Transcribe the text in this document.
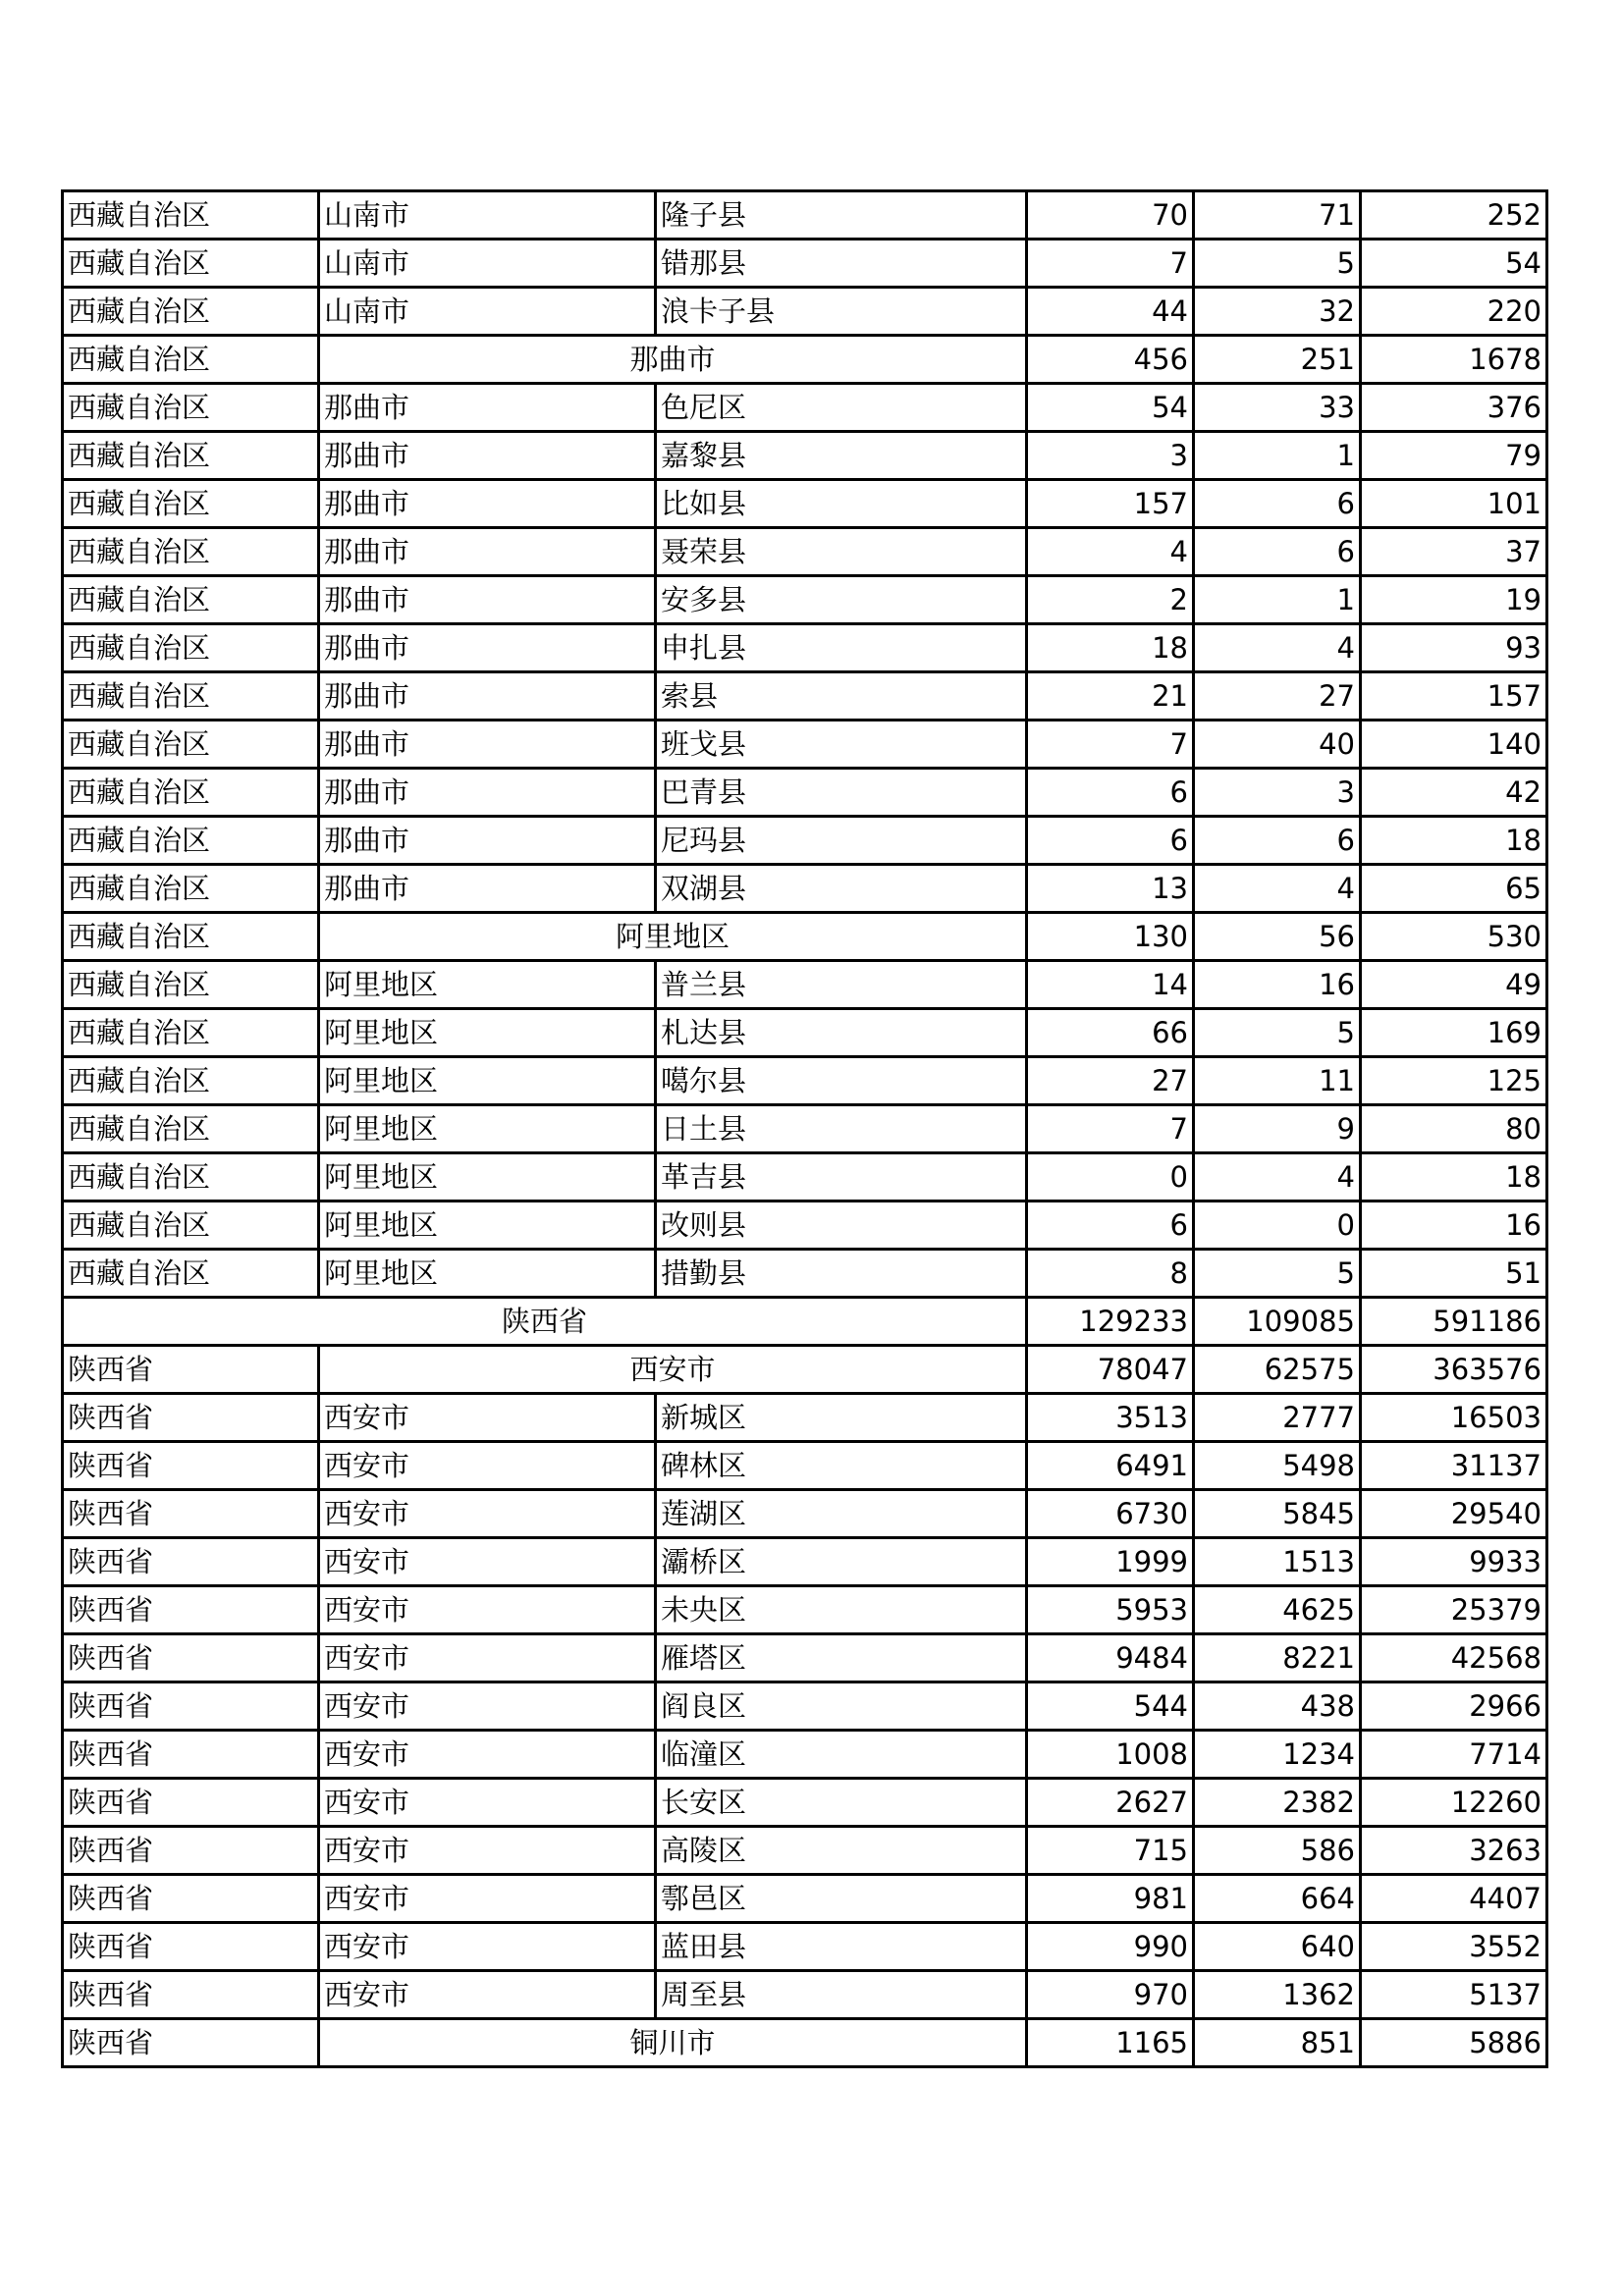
西藏自治区	山南市	隆子县	70	71	252
西藏自治区	山南市	错那县	7	5	54
西藏自治区	山南市	浪卡子县	44	32	220
西藏自治区	那曲市		456	251	1678
西藏自治区	那曲市	色尼区	54	33	376
西藏自治区	那曲市	嘉黎县	3	1	79
西藏自治区	那曲市	比如县	157	6	101
西藏自治区	那曲市	聂荣县	4	6	37
西藏自治区	那曲市	安多县	2	1	19
西藏自治区	那曲市	申扎县	18	4	93
西藏自治区	那曲市	索县	21	27	157
西藏自治区	那曲市	班戈县	7	40	140
西藏自治区	那曲市	巴青县	6	3	42
西藏自治区	那曲市	尼玛县	6	6	18
西藏自治区	那曲市	双湖县	13	4	65
西藏自治区	阿里地区		130	56	530
西藏自治区	阿里地区	普兰县	14	16	49
西藏自治区	阿里地区	札达县	66	5	169
西藏自治区	阿里地区	噶尔县	27	11	125
西藏自治区	阿里地区	日土县	7	9	80
西藏自治区	阿里地区	革吉县	0	4	18
西藏自治区	阿里地区	改则县	6	0	16
西藏自治区	阿里地区	措勤县	8	5	51
陕西省			129233	109085	591186
陕西省	西安市		78047	62575	363576
陕西省	西安市	新城区	3513	2777	16503
陕西省	西安市	碑林区	6491	5498	31137
陕西省	西安市	莲湖区	6730	5845	29540
陕西省	西安市	灞桥区	1999	1513	9933
陕西省	西安市	未央区	5953	4625	25379
陕西省	西安市	雁塔区	9484	8221	42568
陕西省	西安市	阎良区	544	438	2966
陕西省	西安市	临潼区	1008	1234	7714
陕西省	西安市	长安区	2627	2382	12260
陕西省	西安市	高陵区	715	586	3263
陕西省	西安市	鄠邑区	981	664	4407
陕西省	西安市	蓝田县	990	640	3552
陕西省	西安市	周至县	970	1362	5137
陕西省	铜川市		1165	851	5886
